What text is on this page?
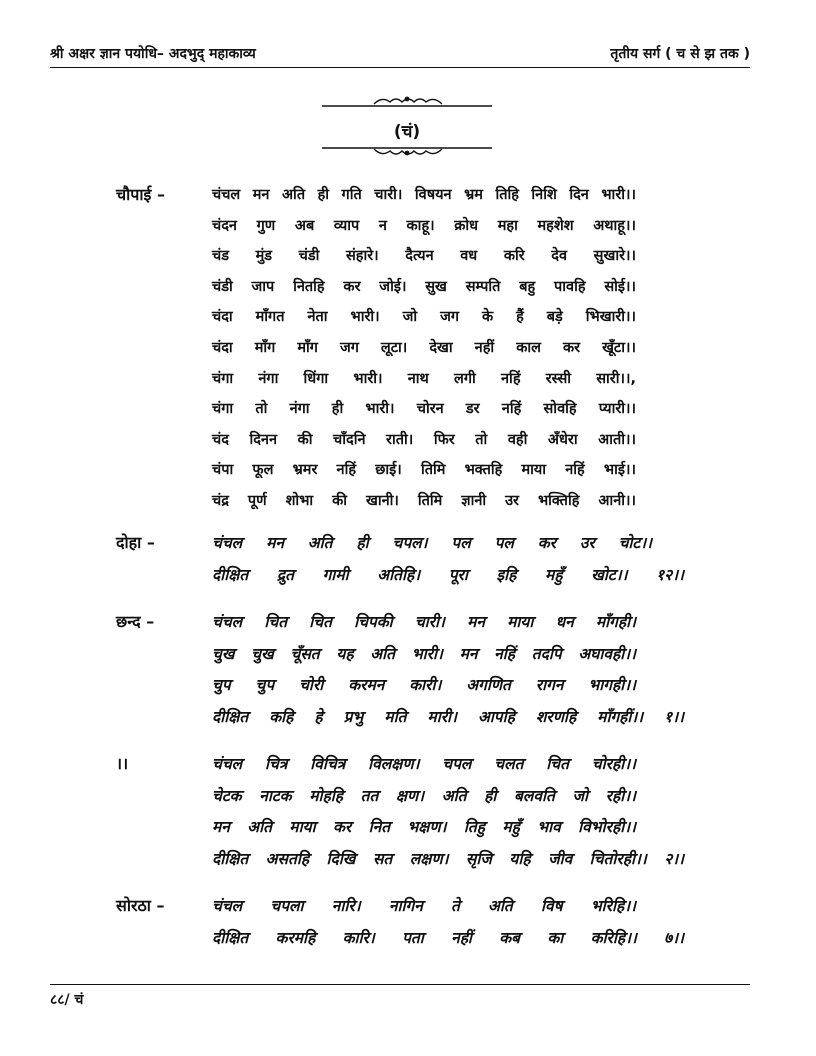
श्री अक्षर ज्ञान पयोधि– अदभुद् महाकाव्य	तृतीय सर्ग ( च से झ तक )
(चं)
चौपाई –	चंचल मन अति ही गति चारी। विषयन भ्रम तिहि निशि दिन भारी।।
चंदन गुण अब व्याप न काहू। क्रोध महा महशेश अथाहू।।
चंड मुंड चंडी संहारे। दैत्यन वध करि देव सुखारे।।
चंडी जाप नितहि कर जोई। सुख सम्पति बहु पावहि सोई।।
चंदा माँगत नेता भारी। जो जग के हैं बड़े भिखारी।।
चंदा माँग माँग जग लूटा। देखा नहीं काल कर खूँटा।।
चंगा नंगा धिंगा भारी। नाथ लगी नहिं रस्सी सारी।।,
चंगा तो नंगा ही भारी। चोरन डर नहिं सोवहि प्यारी।।
चंद दिनन की चाँदनि राती। फिर तो वही अँधेरा आती।।
चंपा फूल भ्रमर नहिं छाई। तिमि भक्तहि माया नहिं भाई।।
चंद्र पूर्ण शोभा की खानी। तिमि ज्ञानी उर भक्तिहि आनी।।
दोहा –	चंचल मन अति ही चपल। पल पल कर उर चोट।।
दीक्षित द्रुत गामी अतिहि। पूरा इहि महुँ खोट।। १२।।
छन्द –	चंचल चित चित चिपकी चारी। मन माया धन माँगही।
चुख चुख चूँसत यह अति भारी। मन नहिं तदपि अघावही।।
चुप चुप चोरी करमन कारी। अगणित रागन भागही।।
दीक्षित कहि हे प्रभु मति मारी। आपहि शरणहि माँगहीं।। १।।
।।	चंचल चित्र विचित्र विलक्षण। चपल चलत चित चोरही।।
चेटक नाटक मोहहि तत क्षण। अति ही बलवति जो रही।।
मन अति माया कर नित भक्षण। तिहु महुँ भाव विभोरही।।
दीक्षित असतहि दिखि सत लक्षण। सृजि यहि जीव चितोरही।। २।।
सोरठा –	चंचल चपला नारि। नागिन ते अति विष भरिहि।।
दीक्षित करमहि कारि। पता नहीं कब का करिहि।। ७।।
८८/ चं
